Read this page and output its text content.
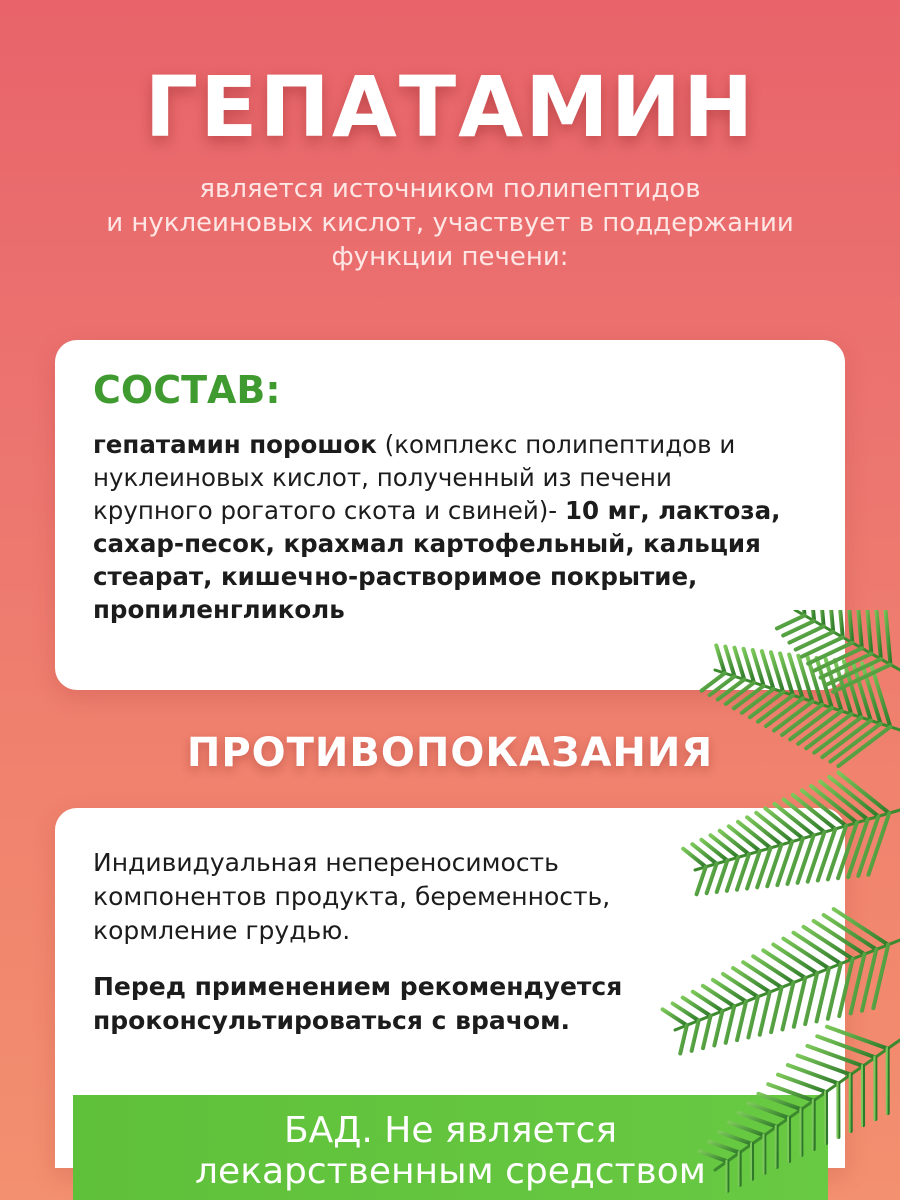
ГЕПАТАМИН
является источником полипептидов
и нуклеиновых кислот, участвует в поддержании
функции печени:
СОСТАВ:
гепатамин порошок (комплекс полипептидов и нуклеиновых кислот, полученный из печени крупного рогатого скота и свиней)- 10 мг, лактоза, сахар-песок, крахмал картофельный, кальция стеарат, кишечно-растворимое покрытие, пропиленгликоль
ПРОТИВОПОКАЗАНИЯ
Индивидуальная непереносимость компонентов продукта, беременность, кормление грудью.
Перед применением рекомендуется проконсультироваться с врачом.
БАД. Не является
лекарственным средством
